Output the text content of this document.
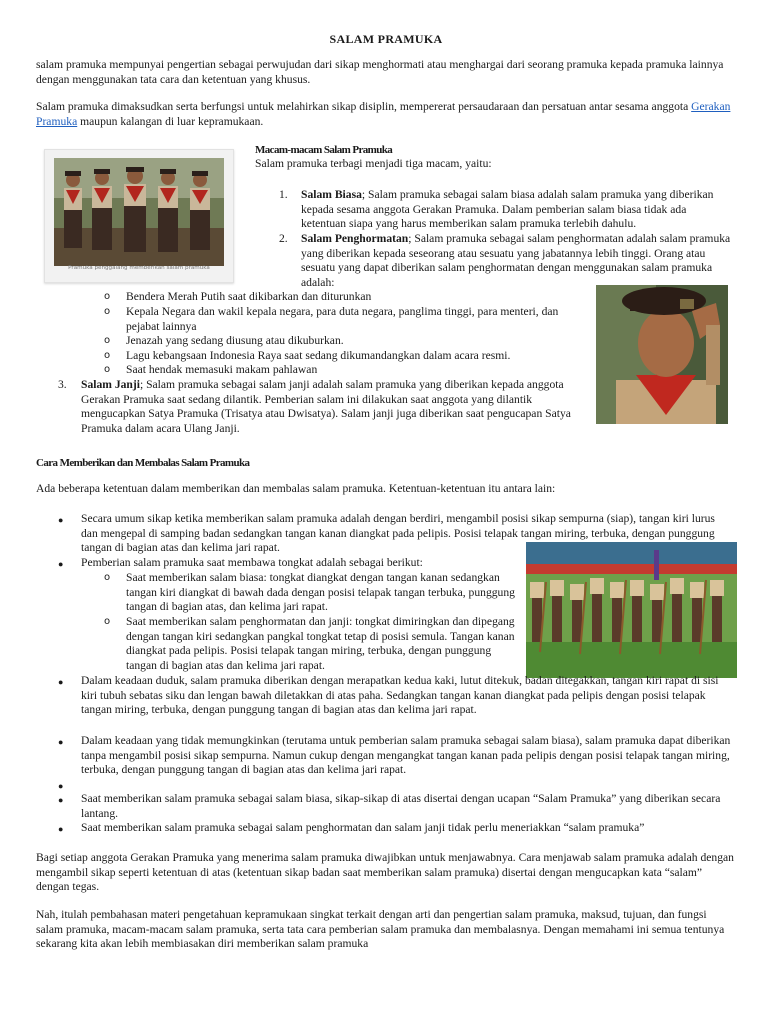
SALAM PRAMUKA

salam pramuka mempunyai pengertian sebagai perwujudan dari sikap menghormati atau menghargai dari seorang pramuka kepada pramuka lainnya dengan menggunakan tata cara dan ketentuan yang khusus.

Salam pramuka dimaksudkan serta berfungsi untuk melahirkan sikap disiplin, mempererat persaudaraan dan persatuan antar sesama anggota Gerakan Pramuka maupun kalangan di luar kepramukaan.

Pramuka penggalang memberikan salam pramuka
Macam-macam Salam Pramuka

Salam pramuka terbagi menjadi tiga macam, yaitu:

1. Salam Biasa; Salam pramuka sebagai salam biasa adalah salam pramuka yang diberikan kepada sesama anggota Gerakan Pramuka. Dalam pemberian salam biasa tidak ada ketentuan siapa yang harus memberikan salam pramuka terlebih dahulu.

2. Salam Penghormatan; Salam pramuka sebagai salam penghormatan adalah salam pramuka yang diberikan kepada seseorang atau sesuatu yang jabatannya lebih tinggi. Orang atau sesuatu yang dapat diberikan salam penghormatan dengan menggunakan salam pramuka adalah:

o Bendera Merah Putih saat dikibarkan dan diturunkan
o Kepala Negara dan wakil kepala negara, para duta negara, panglima tinggi, para menteri, dan pejabat lainnya
o Jenazah yang sedang diusung atau dikuburkan.
o Lagu kebangsaan Indonesia Raya saat sedang dikumandangkan dalam acara resmi.
o Saat hendak memasuki makam pahlawan
3. Salam Janji; Salam pramuka sebagai salam janji adalah salam pramuka yang diberikan kepada anggota Gerakan Pramuka saat sedang dilantik. Pemberian salam ini dilakukan saat anggota yang dilantik mengucapkan Satya Pramuka (Trisatya atau Dwisatya). Salam janji juga diberikan saat pengucapan Satya Pramuka dalam acara Ulang Janji.

Cara Memberikan dan Membalas Salam Pramuka

Ada beberapa ketentuan dalam memberikan dan membalas salam pramuka. Ketentuan-ketentuan itu antara lain:

● Secara umum sikap ketika memberikan salam pramuka adalah dengan berdiri, mengambil posisi sikap sempurna (siap), tangan kiri lurus dan mengepal di samping badan sedangkan tangan kanan diangkat pada pelipis. Posisi telapak tangan miring, terbuka, dengan punggung tangan di bagian atas dan kelima jari rapat.

● Pemberian salam pramuka saat membawa tongkat adalah sebagai berikut:

o Saat memberikan salam biasa: tongkat diangkat dengan tangan kanan sedangkan tangan kiri diangkat di bawah dada dengan posisi telapak tangan terbuka, punggung tangan di bagian atas, dan kelima jari rapat.

o Saat memberikan salam penghormatan dan janji: tongkat dimiringkan dan dipegang dengan tangan kiri sedangkan pangkal tongkat tetap di posisi semula. Tangan kanan diangkat pada pelipis. Posisi telapak tangan miring, terbuka, dengan punggung tangan di bagian atas dan kelima jari rapat.

● Dalam keadaan duduk, salam pramuka diberikan dengan merapatkan kedua kaki, lutut ditekuk, badan ditegakkan, tangan kiri rapat di sisi kiri tubuh sebatas siku dan lengan bawah diletakkan di atas paha. Sedangkan tangan kanan diangkat pada pelipis dengan posisi telapak tangan miring, terbuka, dengan punggung tangan di bagian atas dan kelima jari rapat.

● Dalam keadaan yang tidak memungkinkan (terutama untuk pemberian salam pramuka sebagai salam biasa), salam pramuka dapat diberikan tanpa mengambil posisi sikap sempurna. Namun cukup dengan mengangkat tangan kanan pada pelipis dengan posisi telapak tangan miring, terbuka, dengan punggung tangan di bagian atas dan kelima jari rapat.

●
● Saat memberikan salam pramuka sebagai salam biasa, sikap-sikap di atas disertai dengan ucapan “Salam Pramuka” yang diberikan secara lantang.

● Saat memberikan salam pramuka sebagai salam penghormatan dan salam janji tidak perlu meneriakkan “salam pramuka”

Bagi setiap anggota Gerakan Pramuka yang menerima salam pramuka diwajibkan untuk menjawabnya. Cara menjawab salam pramuka adalah dengan mengambil sikap seperti ketentuan di atas (ketentuan sikap badan saat memberikan salam pramuka) disertai dengan mengucapkan kata “salam” dengan tegas.

Nah, itulah pembahasan materi pengetahuan kepramukaan singkat terkait dengan arti dan pengertian salam pramuka, maksud, tujuan, dan fungsi salam pramuka, macam-macam salam pramuka, serta tata cara pemberian salam pramuka dan membalasnya. Dengan memahami ini semua tentunya sekarang kita akan lebih membiasakan diri memberikan salam pramuka
